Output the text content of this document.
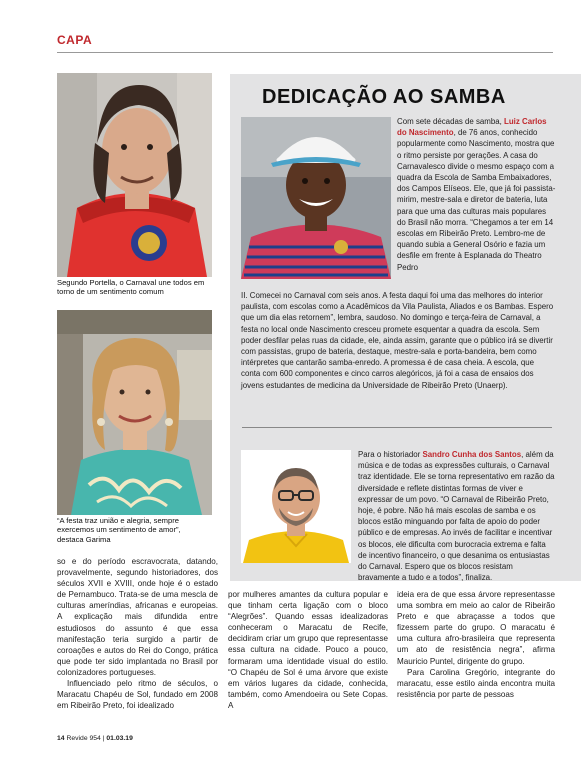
CAPA
Segundo Portella, o Carnaval une todos em torno de um sentimento comum
“A festa traz união e alegria, sempre exercemos um sentimento de amor”, destaca Garima
DEDICAÇÃO AO SAMBA
Com sete décadas de samba, Luiz Carlos do Nascimento, de 76 anos, conhecido popularmente como Nascimento, mostra que o ritmo persiste por gerações. A casa do Carnavalesco divide o mesmo espaço com a quadra da Escola de Samba Embaixadores, dos Campos Elíseos. Ele, que já foi passista-mirim, mestre-sala e diretor de bateria, luta para que uma das culturas mais populares do Brasil não morra. “Chegamos a ter em 14 escolas em Ribeirão Preto. Lembro-me de quando subia a General Osório e fazia um desfile em frente à Esplanada do Theatro Pedro
II. Comecei no Carnaval com seis anos. A festa daqui foi uma das melhores do interior paulista, com escolas como a Acadêmicos da Vila Paulista, Aliados e os Bambas. Espero que um dia elas retornem”, lembra, saudoso. No domingo e terça-feira de Carnaval, a festa no local onde Nascimento cresceu promete esquentar a quadra da escola. Sem poder desfilar pelas ruas da cidade, ele, ainda assim, garante que o público irá se divertir com passistas, grupo de bateria, destaque, mestre-sala e porta-bandeira, bem como intérpretes que cantarão samba-enredo. A promessa é de casa cheia. A escola, que conta com 600 componentes e cinco carros alegóricos, já foi a casa de ensaios dos jovens estudantes de medicina da Universidade de Ribeirão Preto (Unaerp).
Para o historiador Sandro Cunha dos Santos, além da música e de todas as expressões culturais, o Carnaval traz identidade. Ele se torna representativo em razão da diversidade e reflete distintas formas de viver e expressar de um povo. “O Carnaval de Ribeirão Preto, hoje, é pobre. Não há mais escolas de samba e os blocos estão minguando por falta de apoio do poder público e de empresas. Ao invés de facilitar e incentivar os blocos, ele dificulta com burocracia extrema e falta de incentivo financeiro, o que desanima os entusiastas do Carnaval. Espero que os blocos resistam bravamente a tudo e a todos”, finaliza.

so e do período escravocrata, datando, provavelmente, segundo historiadores, dos séculos XVII e XVIII, onde hoje é o estado de Pernambuco. Trata-se de uma mescla de culturas ameríndias, africanas e europeias. A explicação mais difundida entre estudiosos do assunto é que essa manifestação teria surgido a partir de coroações e autos do Rei do Congo, prática que pode ter sido implantada no Brasil por colonizadores portugueses.

Influenciado pelo ritmo de séculos, o Maracatu Chapéu de Sol, fundado em 2008 em Ribeirão Preto, foi idealizado

por mulheres amantes da cultura popular e que tinham certa ligação com o bloco “Alegrões”. Quando essas idealizadoras conheceram o Maracatu de Recife, decidiram criar um grupo que representasse essa cultura na cidade. Pouco a pouco, formaram uma identidade visual do estilo. “O Chapéu de Sol é uma árvore que existe em vários lugares da cidade, conhecida, também, como Amendoeira ou Sete Copas. A

ideia era de que essa árvore representasse uma sombra em meio ao calor de Ribeirão Preto e que abraçasse a todos que fizessem parte do grupo. O maracatu é uma cultura afro-brasileira que representa um ato de resistência negra”, afirma Mauricio Puntel, dirigente do grupo.

Para Carolina Gregório, integrante do maracatu, esse estilo ainda encontra muita resistência por parte de pessoas

14 Revide 954 | 01.03.19
